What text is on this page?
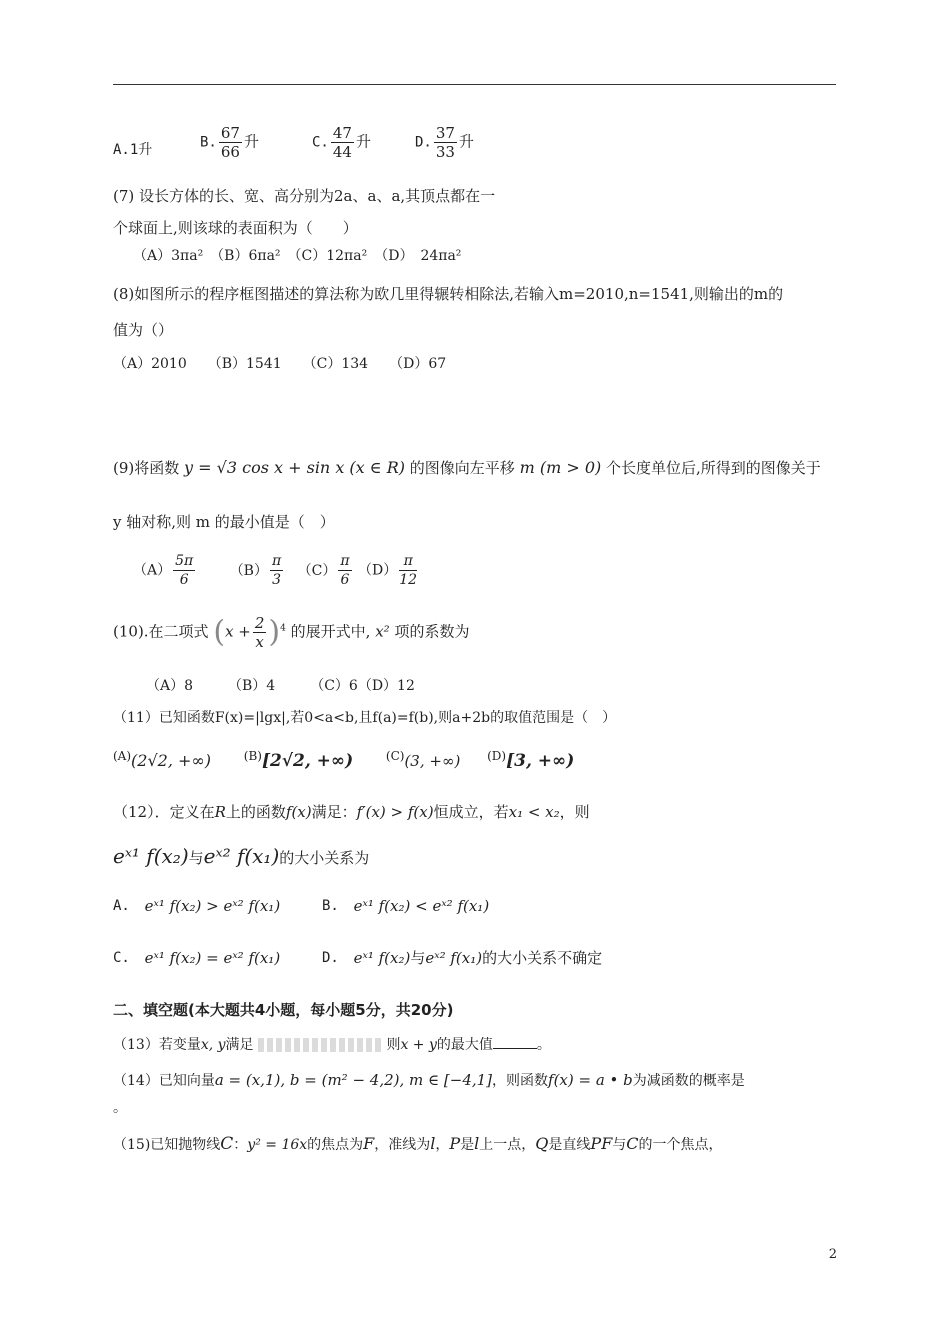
A.1升	B. $\frac{67}{66}$ 升	C. $\frac{47}{44}$ 升	D. $\frac{37}{33}$ 升
(7) 设长方体的长、宽、高分别为2a、a、a,其顶点都在一
个球面上,则该球的表面积为（　　）
（A）3πa²　（B）6πa²　（C）12πa²　（D）　24πa²
(8)如图所示的程序框图描述的算法称为欧几里得辗转相除法,若输入m=2010,n=1541,则输出的m的
值为（）
（A）2010　　（B）1541　　（C）134　　（D）67
(9)将函数 y = √3 cos x + sin x (x ∈ R) 的图像向左平移 m (m > 0) 个长度单位后,所得到的图像关于
y 轴对称,则 m 的最小值是（　）
$(A) \frac{5\pi}{6} (B) \frac{\pi}{3} (C) \frac{\pi}{6} (D) \frac{\pi}{12}$
(10).在二项式 $(x + \frac{2}{x} )^4$ 的展开式中, x² 项的系数为
（A）8　　　（B）4　　　（C）6（D）12
（11）已知函数F(x)=|lgx|,若0<a<b,且f(a)=f(b),则a+2b的取值范围是（　）
$^{(A)}$(2√2, +∞)	$^{(B)}$[2√2, +∞)	$^{(C)}$(3, +∞) $^{(D)}$[3, +∞)
（12）．定义在R上的函数f(x)满足：f′(x) > f(x)恒成立，若x₁ < x₂，则
eˣ¹ f(x₂)与eˣ² f(x₁)的大小关系为
A. eˣ¹ f(x₂) > eˣ² f(x₁)	B. eˣ¹ f(x₂) < eˣ² f(x₁)
C. eˣ¹ f(x₂) = eˣ² f(x₁)	D. eˣ¹ f(x₂)与eˣ² f(x₁)的大小关系不确定
二、填空题(本大题共4小题，每小题5分，共20分)
（13）若变量x, y满足	则x + y的最大值	。
（14）已知向量a = (x,1), b = (m² − 4,2), m ∈ [−4,1]，则函数f(x) = a • b为减函数的概率是
。
（15)已知抛物线C：y² = 16x的焦点为F，准线为l，P是l上一点，Q是直线PF与C的一个焦点，
2
